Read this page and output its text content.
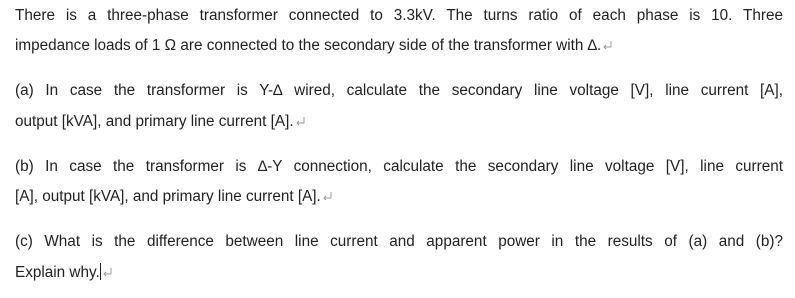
There is a three-phase transformer connected to 3.3kV. The turns ratio of each phase is 10. Three
impedance loads of 1 Ω are connected to the secondary side of the transformer with ∆.
(a) In case the transformer is Y-∆ wired, calculate the secondary line voltage [V], line current [A],
output [kVA], and primary line current [A].
(b) In case the transformer is ∆-Y connection, calculate the secondary line voltage [V], line current
[A], output [kVA], and primary line current [A].
(c) What is the difference between line current and apparent power in the results of (a) and (b)?
Explain why.
